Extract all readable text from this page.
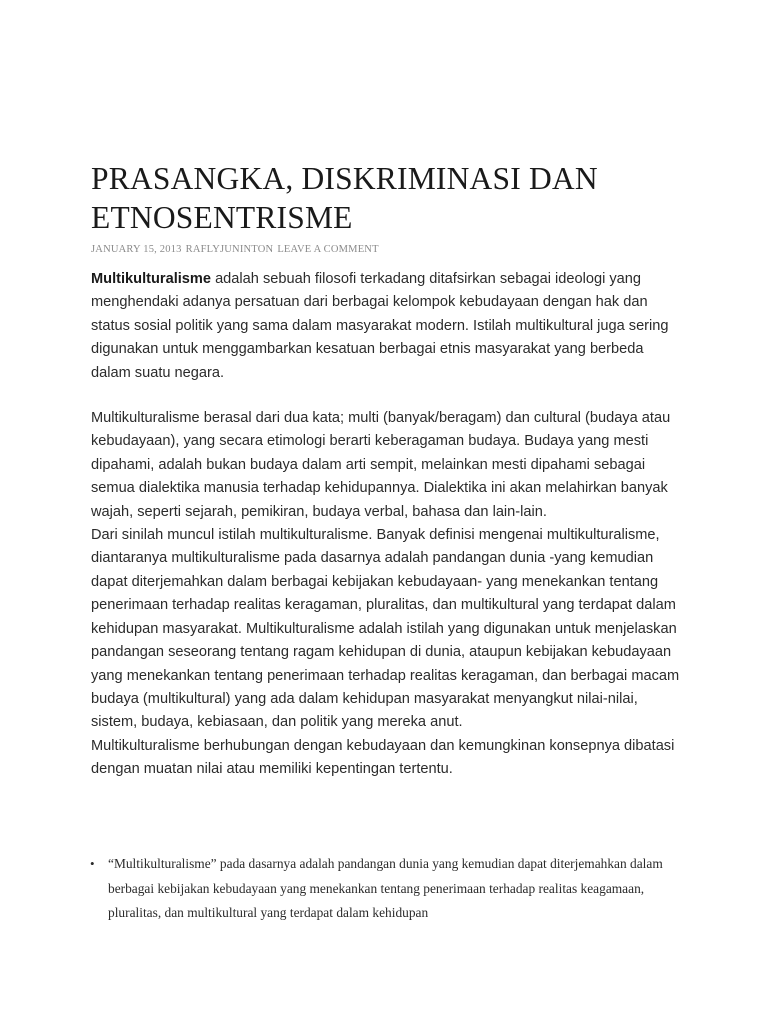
PRASANGKA, DISKRIMINASI DAN ETNOSENTRISME
JANUARY 15, 2013 RAFLYJUNINTON LEAVE A COMMENT

Multikulturalisme adalah sebuah filosofi terkadang ditafsirkan sebagai ideologi yang menghendaki adanya persatuan dari berbagai kelompok kebudayaan dengan hak dan status sosial politik yang sama dalam masyarakat modern. Istilah multikultural juga sering digunakan untuk menggambarkan kesatuan berbagai etnis masyarakat yang berbeda dalam suatu negara.

Multikulturalisme berasal dari dua kata; multi (banyak/beragam) dan cultural (budaya atau kebudayaan), yang secara etimologi berarti keberagaman budaya. Budaya yang mesti dipahami, adalah bukan budaya dalam arti sempit, melainkan mesti dipahami sebagai semua dialektika manusia terhadap kehidupannya. Dialektika ini akan melahirkan banyak wajah, seperti sejarah, pemikiran, budaya verbal, bahasa dan lain-lain.

Dari sinilah muncul istilah multikulturalisme. Banyak definisi mengenai multikulturalisme, diantaranya multikulturalisme pada dasarnya adalah pandangan dunia -yang kemudian dapat diterjemahkan dalam berbagai kebijakan kebudayaan- yang menekankan tentang penerimaan terhadap realitas keragaman, pluralitas, dan multikultural yang terdapat dalam kehidupan masyarakat. Multikulturalisme adalah istilah yang digunakan untuk menjelaskan pandangan seseorang tentang ragam kehidupan di dunia, ataupun kebijakan kebudayaan yang menekankan tentang penerimaan terhadap realitas keragaman, dan berbagai macam budaya (multikultural) yang ada dalam kehidupan masyarakat menyangkut nilai-nilai, sistem, budaya, kebiasaan, dan politik yang mereka anut.

Multikulturalisme berhubungan dengan kebudayaan dan kemungkinan konsepnya dibatasi dengan muatan nilai atau memiliki kepentingan tertentu.

• “Multikulturalisme” pada dasarnya adalah pandangan dunia yang kemudian dapat diterjemahkan dalam berbagai kebijakan kebudayaan yang menekankan tentang penerimaan terhadap realitas keagamaan, pluralitas, dan multikultural yang terdapat dalam kehidupan
